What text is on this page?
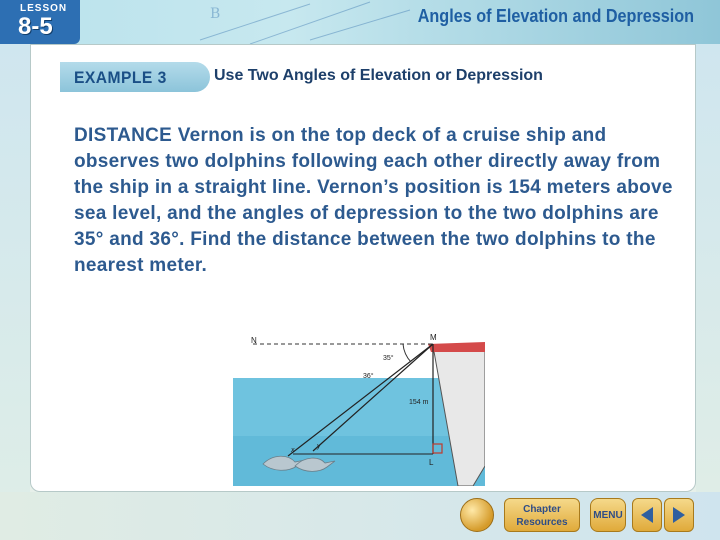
B
LESSON
8-5	Angles of Elevation and Depression
EXAMPLE 3	Use Two Angles of Elevation or Depression
DISTANCE Vernon is on the top deck of a cruise ship and observes two dolphins following each other directly away from the ship in a straight line. Vernon’s position is 154 meters above sea level, and the angles of depression to the two dolphins are 35° and 36°. Find the distance between the two dolphins to the nearest meter.
N	M
L
35°
36°
154 m
x
y
Chapter
Resources
MENU
